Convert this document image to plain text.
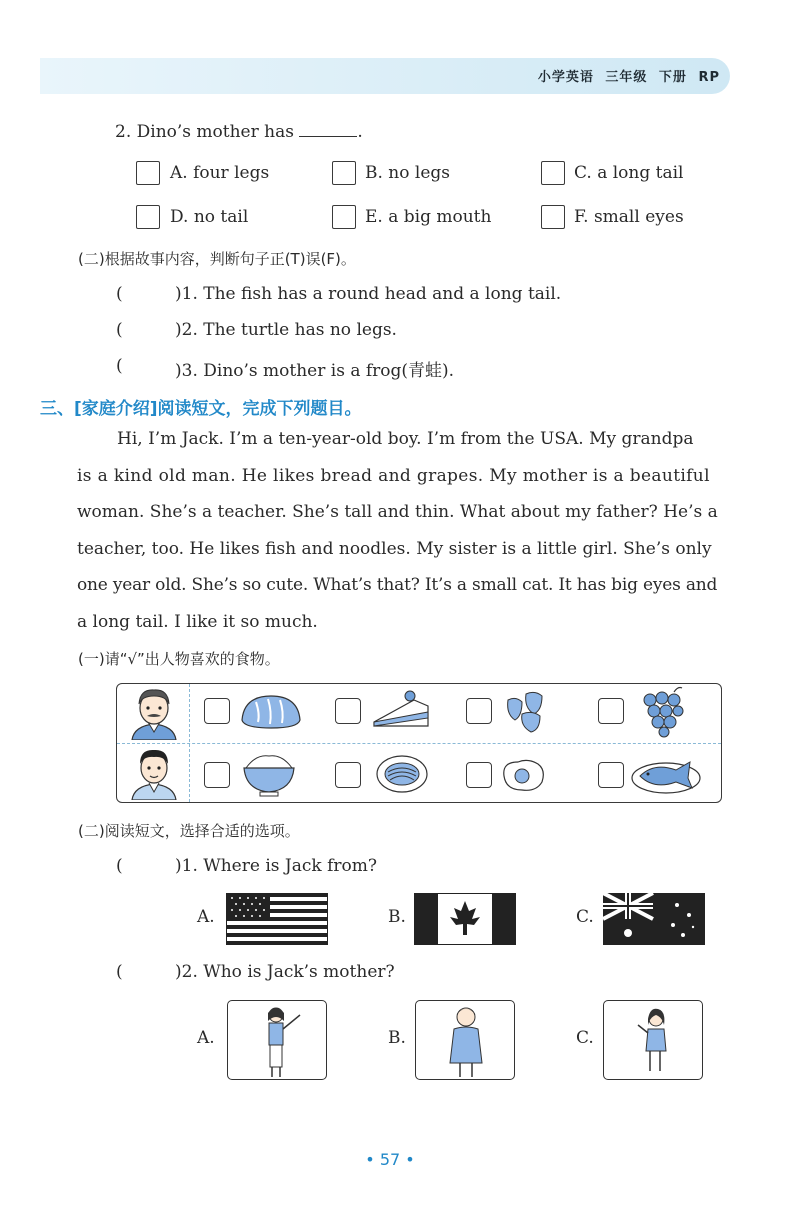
小学英语 三年级 下册 RP
2. Dino’s mother has	.
A. four legs	B. no legs	C. a long tail
D. no tail	E. a big mouth	F. small eyes
(二)根据故事内容，判断句子正(T)误(F)。
(	)1. The fish has a round head and a long tail.
(	)2. The turtle has no legs.
(	)3. Dino’s mother is a frog(青蛙).
三、[家庭介绍]阅读短文，完成下列题目。
Hi, I’m Jack. I’m a ten-year-old boy. I’m from the USA. My grandpa
is a kind old man. He likes bread and grapes. My mother is a beautiful
woman. She’s a teacher. She’s tall and thin. What about my father? He’s a
teacher, too. He likes fish and noodles. My sister is a little girl. She’s only
one year old. She’s so cute. What’s that? It’s a small cat. It has big eyes and
a long tail. I like it so much.
(一)请“√”出人物喜欢的食物。
(二)阅读短文，选择合适的选项。
(	)1. Where is Jack from?
A.	B.	C.
(	)2. Who is Jack’s mother?
A.	B.	C.
• 57 •
